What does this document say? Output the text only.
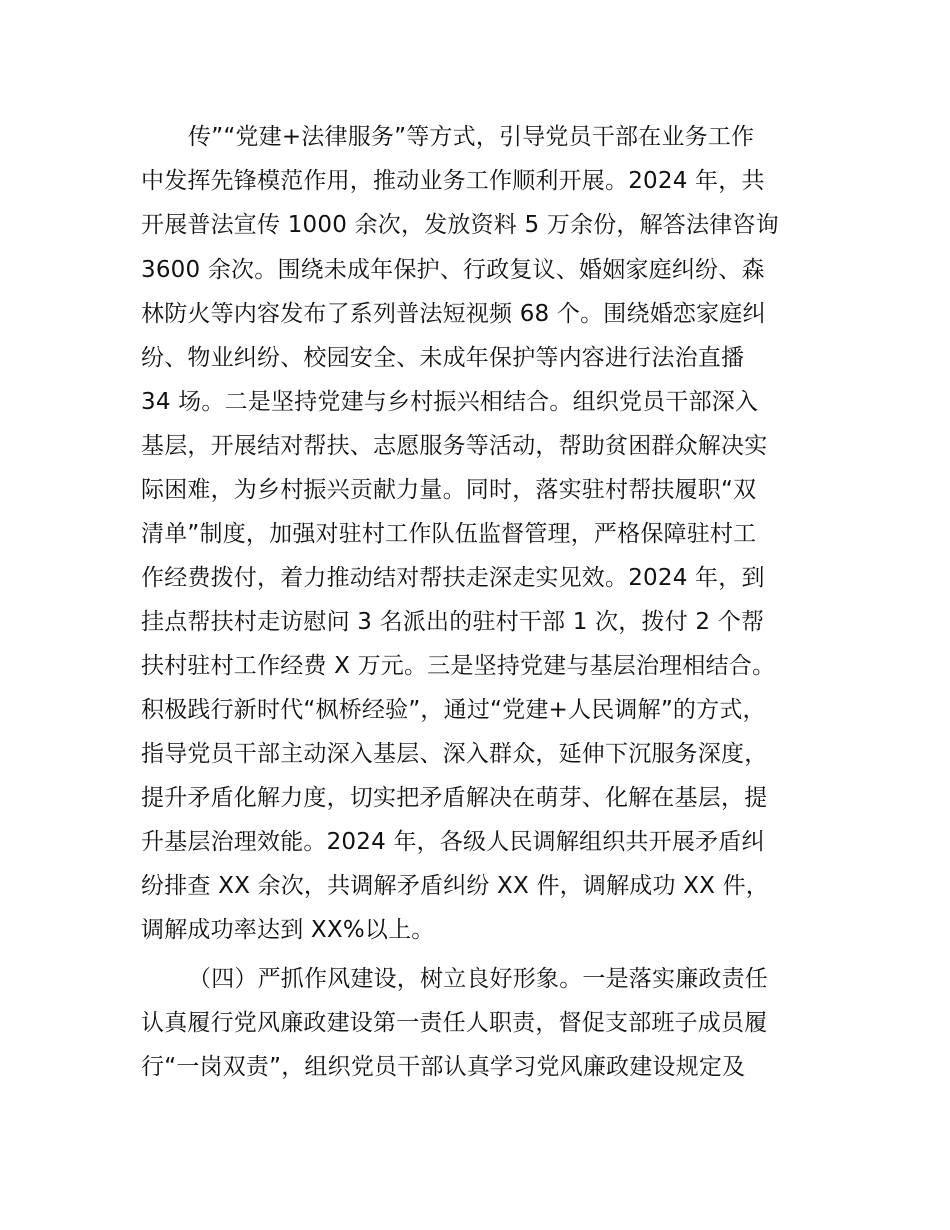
传”“党建+法律服务”等方式，引导党员干部在业务工作
中发挥先锋模范作用，推动业务工作顺利开展。2024 年，共
开展普法宣传 1000 余次，发放资料 5 万余份，解答法律咨询
3600 余次。围绕未成年保护、行政复议、婚姻家庭纠纷、森
林防火等内容发布了系列普法短视频 68 个。围绕婚恋家庭纠
纷、物业纠纷、校园安全、未成年保护等内容进行法治直播
34 场。二是坚持党建与乡村振兴相结合。组织党员干部深入
基层，开展结对帮扶、志愿服务等活动，帮助贫困群众解决实
际困难，为乡村振兴贡献力量。同时，落实驻村帮扶履职“双
清单”制度，加强对驻村工作队伍监督管理，严格保障驻村工
作经费拨付，着力推动结对帮扶走深走实见效。2024 年，到
挂点帮扶村走访慰问 3 名派出的驻村干部 1 次，拨付 2 个帮
扶村驻村工作经费 X 万元。三是坚持党建与基层治理相结合。
积极践行新时代“枫桥经验”，通过“党建+人民调解”的方式，
指导党员干部主动深入基层、深入群众，延伸下沉服务深度，
提升矛盾化解力度，切实把矛盾解决在萌芽、化解在基层，提
升基层治理效能。2024 年，各级人民调解组织共开展矛盾纠
纷排查 XX 余次，共调解矛盾纠纷 XX 件，调解成功 XX 件，
调解成功率达到 XX%以上。
（四）严抓作风建设，树立良好形象。一是落实廉政责任
认真履行党风廉政建设第一责任人职责，督促支部班子成员履
行“一岗双责”，组织党员干部认真学习党风廉政建设规定及
